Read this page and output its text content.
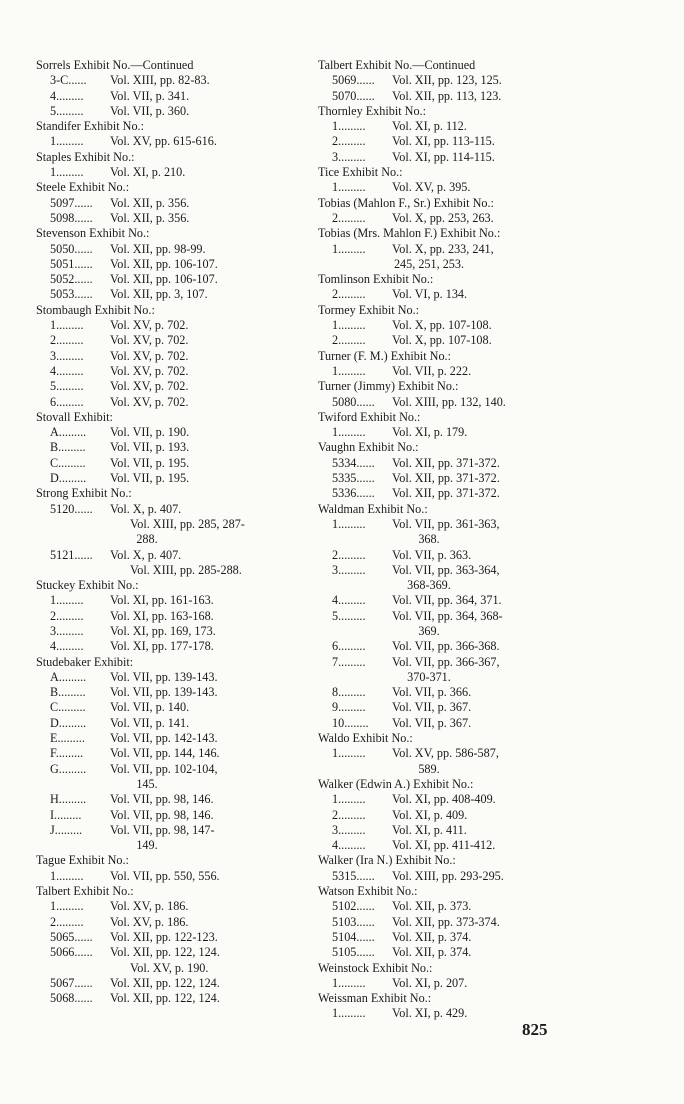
Sorrels Exhibit No.—Continued
3-C......	Vol. XIII, pp. 82-83.
4.........	Vol. VII, p. 341.
5.........	Vol. VII, p. 360.
Standifer Exhibit No.:
1.........	Vol. XV, pp. 615-616.
Staples Exhibit No.:
1.........	Vol. XI, p. 210.
Steele Exhibit No.:
5097......	Vol. XII, p. 356.
5098......	Vol. XII, p. 356.
Stevenson Exhibit No.:
5050......	Vol. XII, pp. 98-99.
5051......	Vol. XII, pp. 106-107.
5052......	Vol. XII, pp. 106-107.
5053......	Vol. XII, pp. 3, 107.
Stombaugh Exhibit No.:
1.........	Vol. XV, p. 702.
2.........	Vol. XV, p. 702.
3.........	Vol. XV, p. 702.
4.........	Vol. XV, p. 702.
5.........	Vol. XV, p. 702.
6.........	Vol. XV, p. 702.
Stovall Exhibit:
A.........	Vol. VII, p. 190.
B.........	Vol. VII, p. 193.
C.........	Vol. VII, p. 195.
D.........	Vol. VII, p. 195.
Strong Exhibit No.:
5120......	Vol. X, p. 407.
Vol. XIII, pp. 285, 287-
288.
5121......	Vol. X, p. 407.
Vol. XIII, pp. 285-288.
Stuckey Exhibit No.:
1.........	Vol. XI, pp. 161-163.
2.........	Vol. XI, pp. 163-168.
3.........	Vol. XI, pp. 169, 173.
4.........	Vol. XI, pp. 177-178.
Studebaker Exhibit:
A.........	Vol. VII, pp. 139-143.
B.........	Vol. VII, pp. 139-143.
C.........	Vol. VII, p. 140.
D.........	Vol. VII, p. 141.
E.........	Vol. VII, pp. 142-143.
F.........	Vol. VII, pp. 144, 146.
G.........	Vol. VII, pp. 102-104,
145.
H.........	Vol. VII, pp. 98, 146.
I.........	Vol. VII, pp. 98, 146.
J.........	Vol. VII, pp. 98, 147-
149.
Tague Exhibit No.:
1.........	Vol. VII, pp. 550, 556.
Talbert Exhibit No.:
1.........	Vol. XV, p. 186.
2.........	Vol. XV, p. 186.
5065......	Vol. XII, pp. 122-123.
5066......	Vol. XII, pp. 122, 124.
Vol. XV, p. 190.
5067......	Vol. XII, pp. 122, 124.
5068......	Vol. XII, pp. 122, 124.
Talbert Exhibit No.—Continued
5069......	Vol. XII, pp. 123, 125.
5070......	Vol. XII, pp. 113, 123.
Thornley Exhibit No.:
1.........	Vol. XI, p. 112.
2.........	Vol. XI, pp. 113-115.
3.........	Vol. XI, pp. 114-115.
Tice Exhibit No.:
1.........	Vol. XV, p. 395.
Tobias (Mahlon F., Sr.) Exhibit No.:
2.........	Vol. X, pp. 253, 263.
Tobias (Mrs. Mahlon F.) Exhibit No.:
1.........	Vol. X, pp. 233, 241,
245, 251, 253.
Tomlinson Exhibit No.:
2.........	Vol. VI, p. 134.
Tormey Exhibit No.:
1.........	Vol. X, pp. 107-108.
2.........	Vol. X, pp. 107-108.
Turner (F. M.) Exhibit No.:
1.........	Vol. VII, p. 222.
Turner (Jimmy) Exhibit No.:
5080......	Vol. XIII, pp. 132, 140.
Twiford Exhibit No.:
1.........	Vol. XI, p. 179.
Vaughn Exhibit No.:
5334......	Vol. XII, pp. 371-372.
5335......	Vol. XII, pp. 371-372.
5336......	Vol. XII, pp. 371-372.
Waldman Exhibit No.:
1.........	Vol. VII, pp. 361-363,
368.
2.........	Vol. VII, p. 363.
3.........	Vol. VII, pp. 363-364,
368-369.
4.........	Vol. VII, pp. 364, 371.
5.........	Vol. VII, pp. 364, 368-
369.
6.........	Vol. VII, pp. 366-368.
7.........	Vol. VII, pp. 366-367,
370-371.
8.........	Vol. VII, p. 366.
9.........	Vol. VII, p. 367.
10........	Vol. VII, p. 367.
Waldo Exhibit No.:
1.........	Vol. XV, pp. 586-587,
589.
Walker (Edwin A.) Exhibit No.:
1.........	Vol. XI, pp. 408-409.
2.........	Vol. XI, p. 409.
3.........	Vol. XI, p. 411.
4.........	Vol. XI, pp. 411-412.
Walker (Ira N.) Exhibit No.:
5315......	Vol. XIII, pp. 293-295.
Watson Exhibit No.:
5102......	Vol. XII, p. 373.
5103......	Vol. XII, pp. 373-374.
5104......	Vol. XII, p. 374.
5105......	Vol. XII, p. 374.
Weinstock Exhibit No.:
1.........	Vol. XI, p. 207.
Weissman Exhibit No.:
1.........	Vol. XI, p. 429.
825
